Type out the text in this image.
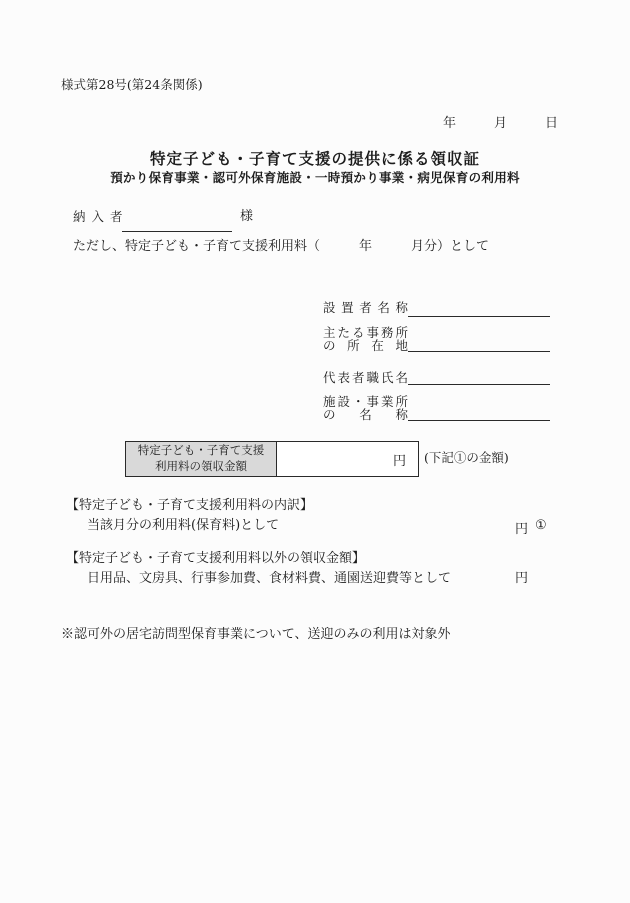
様式第28号(第24条関係)
年	月	日
特定子ども・子育て支援の提供に係る領収証
預かり保育事業・認可外保育施設・一時預かり事業・病児保育の利用料
納 入 者	様
ただし、特定子ども・子育て支援利用料（　　　年　　　月分）として
設置者名称
主たる事務所
の所在地
代表者職氏名
施設・事業所
の名称
特定子ども・子育て支援
利用料の領収金額	円 (下記①の金額)
【特定子ども・子育て支援利用料の内訳】
当該月分の利用料(保育料)として	円 ①
【特定子ども・子育て支援利用料以外の領収金額】
日用品、文房具、行事参加費、食材料費、通園送迎費等として	円
※認可外の居宅訪問型保育事業について、送迎のみの利用は対象外
